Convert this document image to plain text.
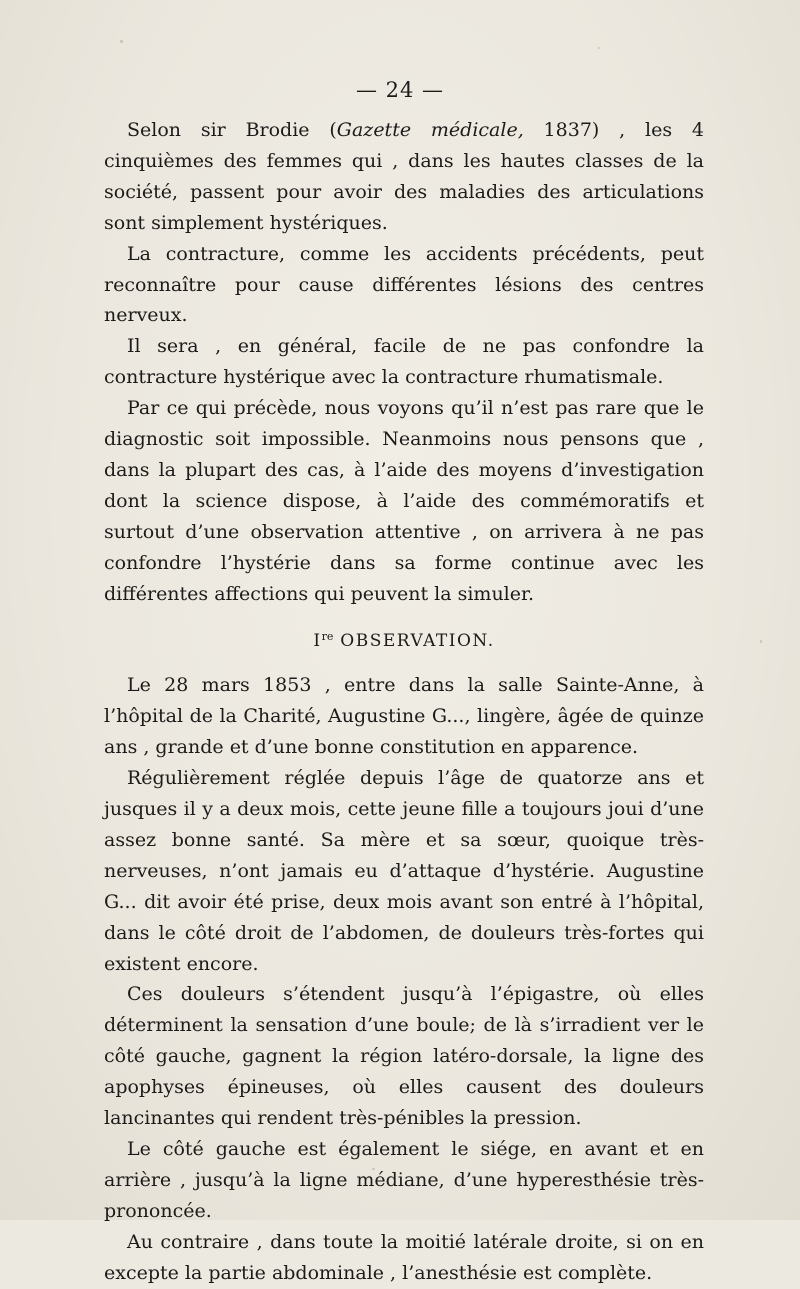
— 24 —

Selon sir Brodie (Gazette médicale, 1837) , les 4 cinquièmes des femmes qui , dans les hautes classes de la société, passent pour avoir des maladies des articulations sont simplement hystériques.

La contracture, comme les accidents précédents, peut reconnaître pour cause différentes lésions des centres nerveux.

Il sera , en général, facile de ne pas confondre la contracture hystérique avec la contracture rhumatismale.

Par ce qui précède, nous voyons qu’il n’est pas rare que le diagnostic soit impossible. Neanmoins nous pensons que , dans la plupart des cas, à l’aide des moyens d’investigation dont la science dispose, à l’aide des commémoratifs et surtout d’une observation attentive , on arrivera à ne pas confondre l’hystérie dans sa forme continue avec les différentes affections qui peuvent la simuler.

Ire OBSERVATION.

Le 28 mars 1853 , entre dans la salle Sainte-Anne, à l’hôpital de la Charité, Augustine G..., lingère, âgée de quinze ans , grande et d’une bonne constitution en apparence.

Régulièrement réglée depuis l’âge de quatorze ans et jusques il y a deux mois, cette jeune fille a toujours joui d’une assez bonne santé. Sa mère et sa sœur, quoique très-nerveuses, n’ont jamais eu d’attaque d’hystérie. Augustine G... dit avoir été prise, deux mois avant son entré à l’hôpital, dans le côté droit de l’abdomen, de douleurs très-fortes qui existent encore.

Ces douleurs s’étendent jusqu’à l’épigastre, où elles déterminent la sensation d’une boule; de là s’irradient ver le côté gauche, gagnent la région latéro-dorsale, la ligne des apophyses épineuses, où elles causent des douleurs lancinantes qui rendent très-pénibles la pression.

Le côté gauche est également le siége, en avant et en arrière , jusqu’à la ligne médiane, d’une hyperesthésie très-prononcée.

Au contraire , dans toute la moitié latérale droite, si on en excepte la partie abdominale , l’anesthésie est complète.
